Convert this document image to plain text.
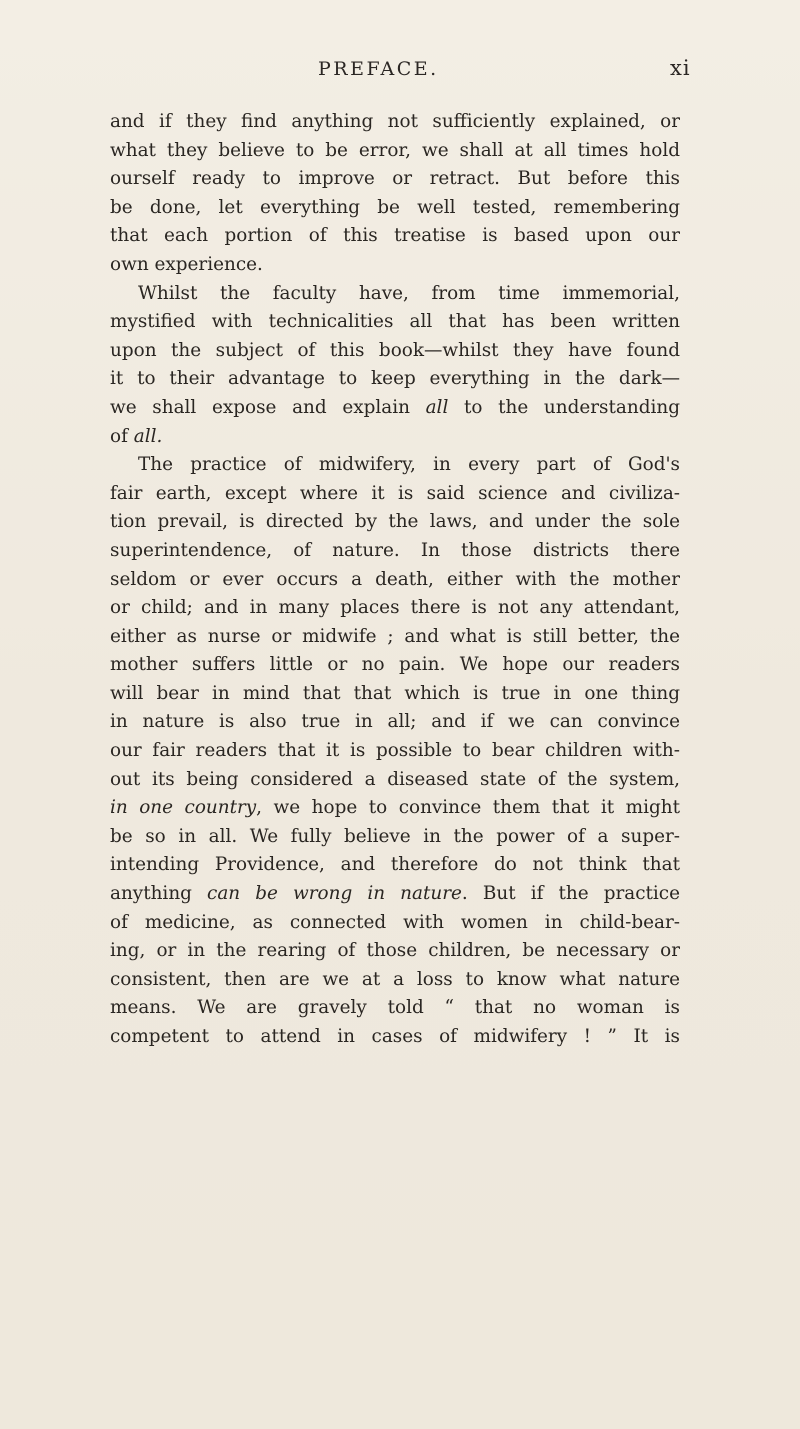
PREFACE.	xi
and if they find anything not sufficiently explained, or
what they believe to be error, we shall at all times hold
ourself ready to improve or retract. But before this
be done, let everything be well tested, remembering
that each portion of this treatise is based upon our
own experience.
Whilst the faculty have, from time immemorial,
mystified with technicalities all that has been written
upon the subject of this book—whilst they have found
it to their advantage to keep everything in the dark—
we shall expose and explain all to the understanding
of all.
The practice of midwifery, in every part of God's
fair earth, except where it is said science and civiliza-
tion prevail, is directed by the laws, and under the sole
superintendence, of nature. In those districts there
seldom or ever occurs a death, either with the mother
or child; and in many places there is not any attendant,
either as nurse or midwife ; and what is still better, the
mother suffers little or no pain. We hope our readers
will bear in mind that that which is true in one thing
in nature is also true in all; and if we can convince
our fair readers that it is possible to bear children with-
out its being considered a diseased state of the system,
in one country, we hope to convince them that it might
be so in all. We fully believe in the power of a super-
intending Providence, and therefore do not think that
anything can be wrong in nature. But if the practice
of medicine, as connected with women in child-bear-
ing, or in the rearing of those children, be necessary or
consistent, then are we at a loss to know what nature
means. We are gravely told “ that no woman is
competent to attend in cases of midwifery ! ” It is
